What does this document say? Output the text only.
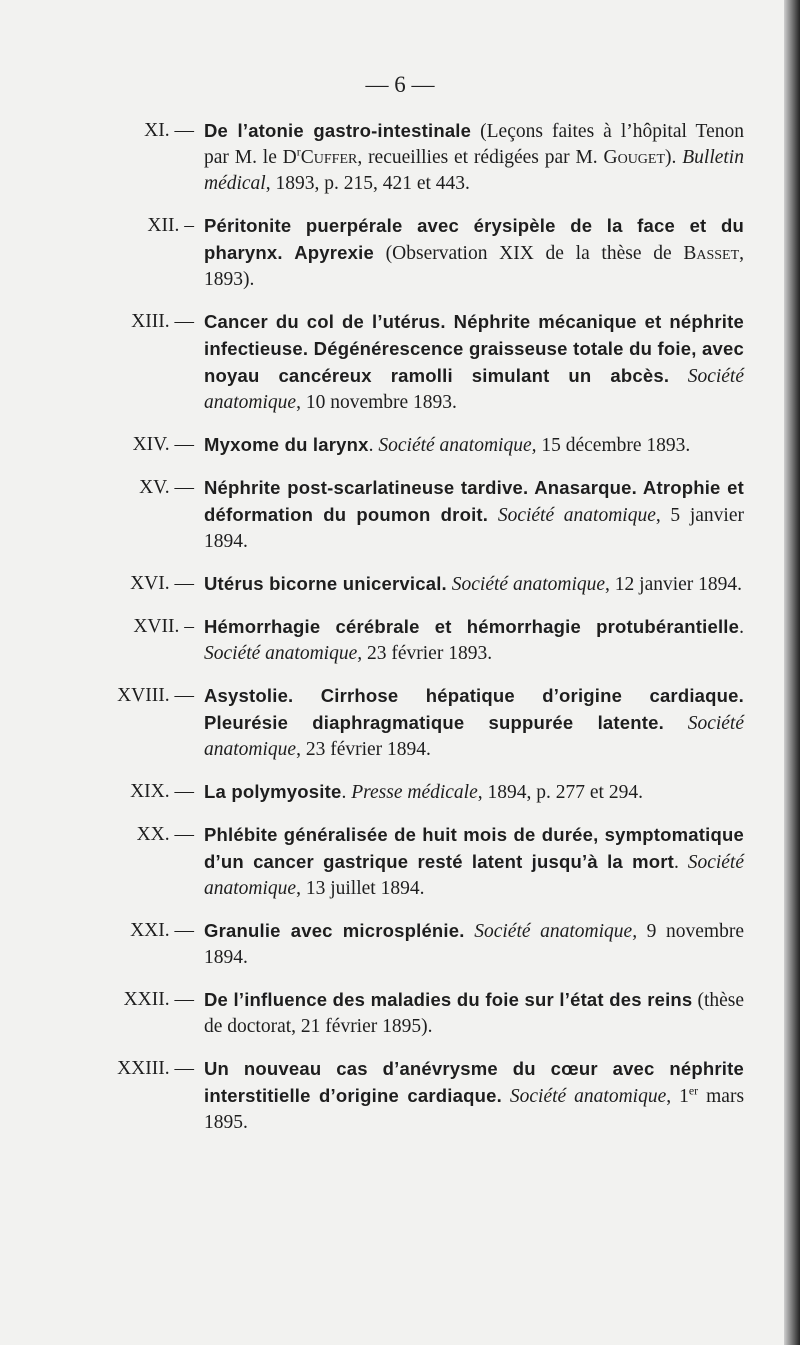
— 6 —
XI. — De l’atonie gastro-intestinale (Leçons faites à l’hôpital Tenon par M. le $D^rCuffer$, recueillies et rédigées par M. Gouget). Bulletin médical, 1893, p. 215, 421 et 443.
XII. – Péritonite puerpérale avec érysipèle de la face et du pharynx. Apyrexie (Observation XIX de la thèse de Basset, 1893).
XIII. — Cancer du col de l’utérus. Néphrite mécanique et néphrite infectieuse. Dégénérescence graisseuse totale du foie, avec noyau cancéreux ramolli simulant un abcès. Société anatomique, 10 novembre 1893.
XIV. — Myxome du larynx. Société anatomique, 15 décembre 1893.
XV. — Néphrite post-scarlatineuse tardive. Anasarque. Atrophie et déformation du poumon droit. Société anatomique, 5 janvier 1894.
XVI. — Utérus bicorne unicervical. Société anatomique, 12 janvier 1894.
XVII. – Hémorrhagie cérébrale et hémorrhagie protubérantielle. Société anatomique, 23 février 1893.
XVIII. — Asystolie. Cirrhose hépatique d’origine cardiaque. Pleurésie diaphragmatique suppurée latente. Société anatomique, 23 février 1894.
XIX. — La polymyosite. Presse médicale, 1894, p. 277 et 294.
XX. — Phlébite généralisée de huit mois de durée, symptomatique d’un cancer gastrique resté latent jusqu’à la mort. Société anatomique, 13 juillet 1894.
XXI. — Granulie avec microsplénie. Société anatomique, 9 novembre 1894.
XXII. — De l’influence des maladies du foie sur l’état des reins (thèse de doctorat, 21 février 1895).
XXIII. — Un nouveau cas d’anévrysme du cœur avec néphrite interstitielle d’origine cardiaque. Société anatomique, 1er mars 1895.
